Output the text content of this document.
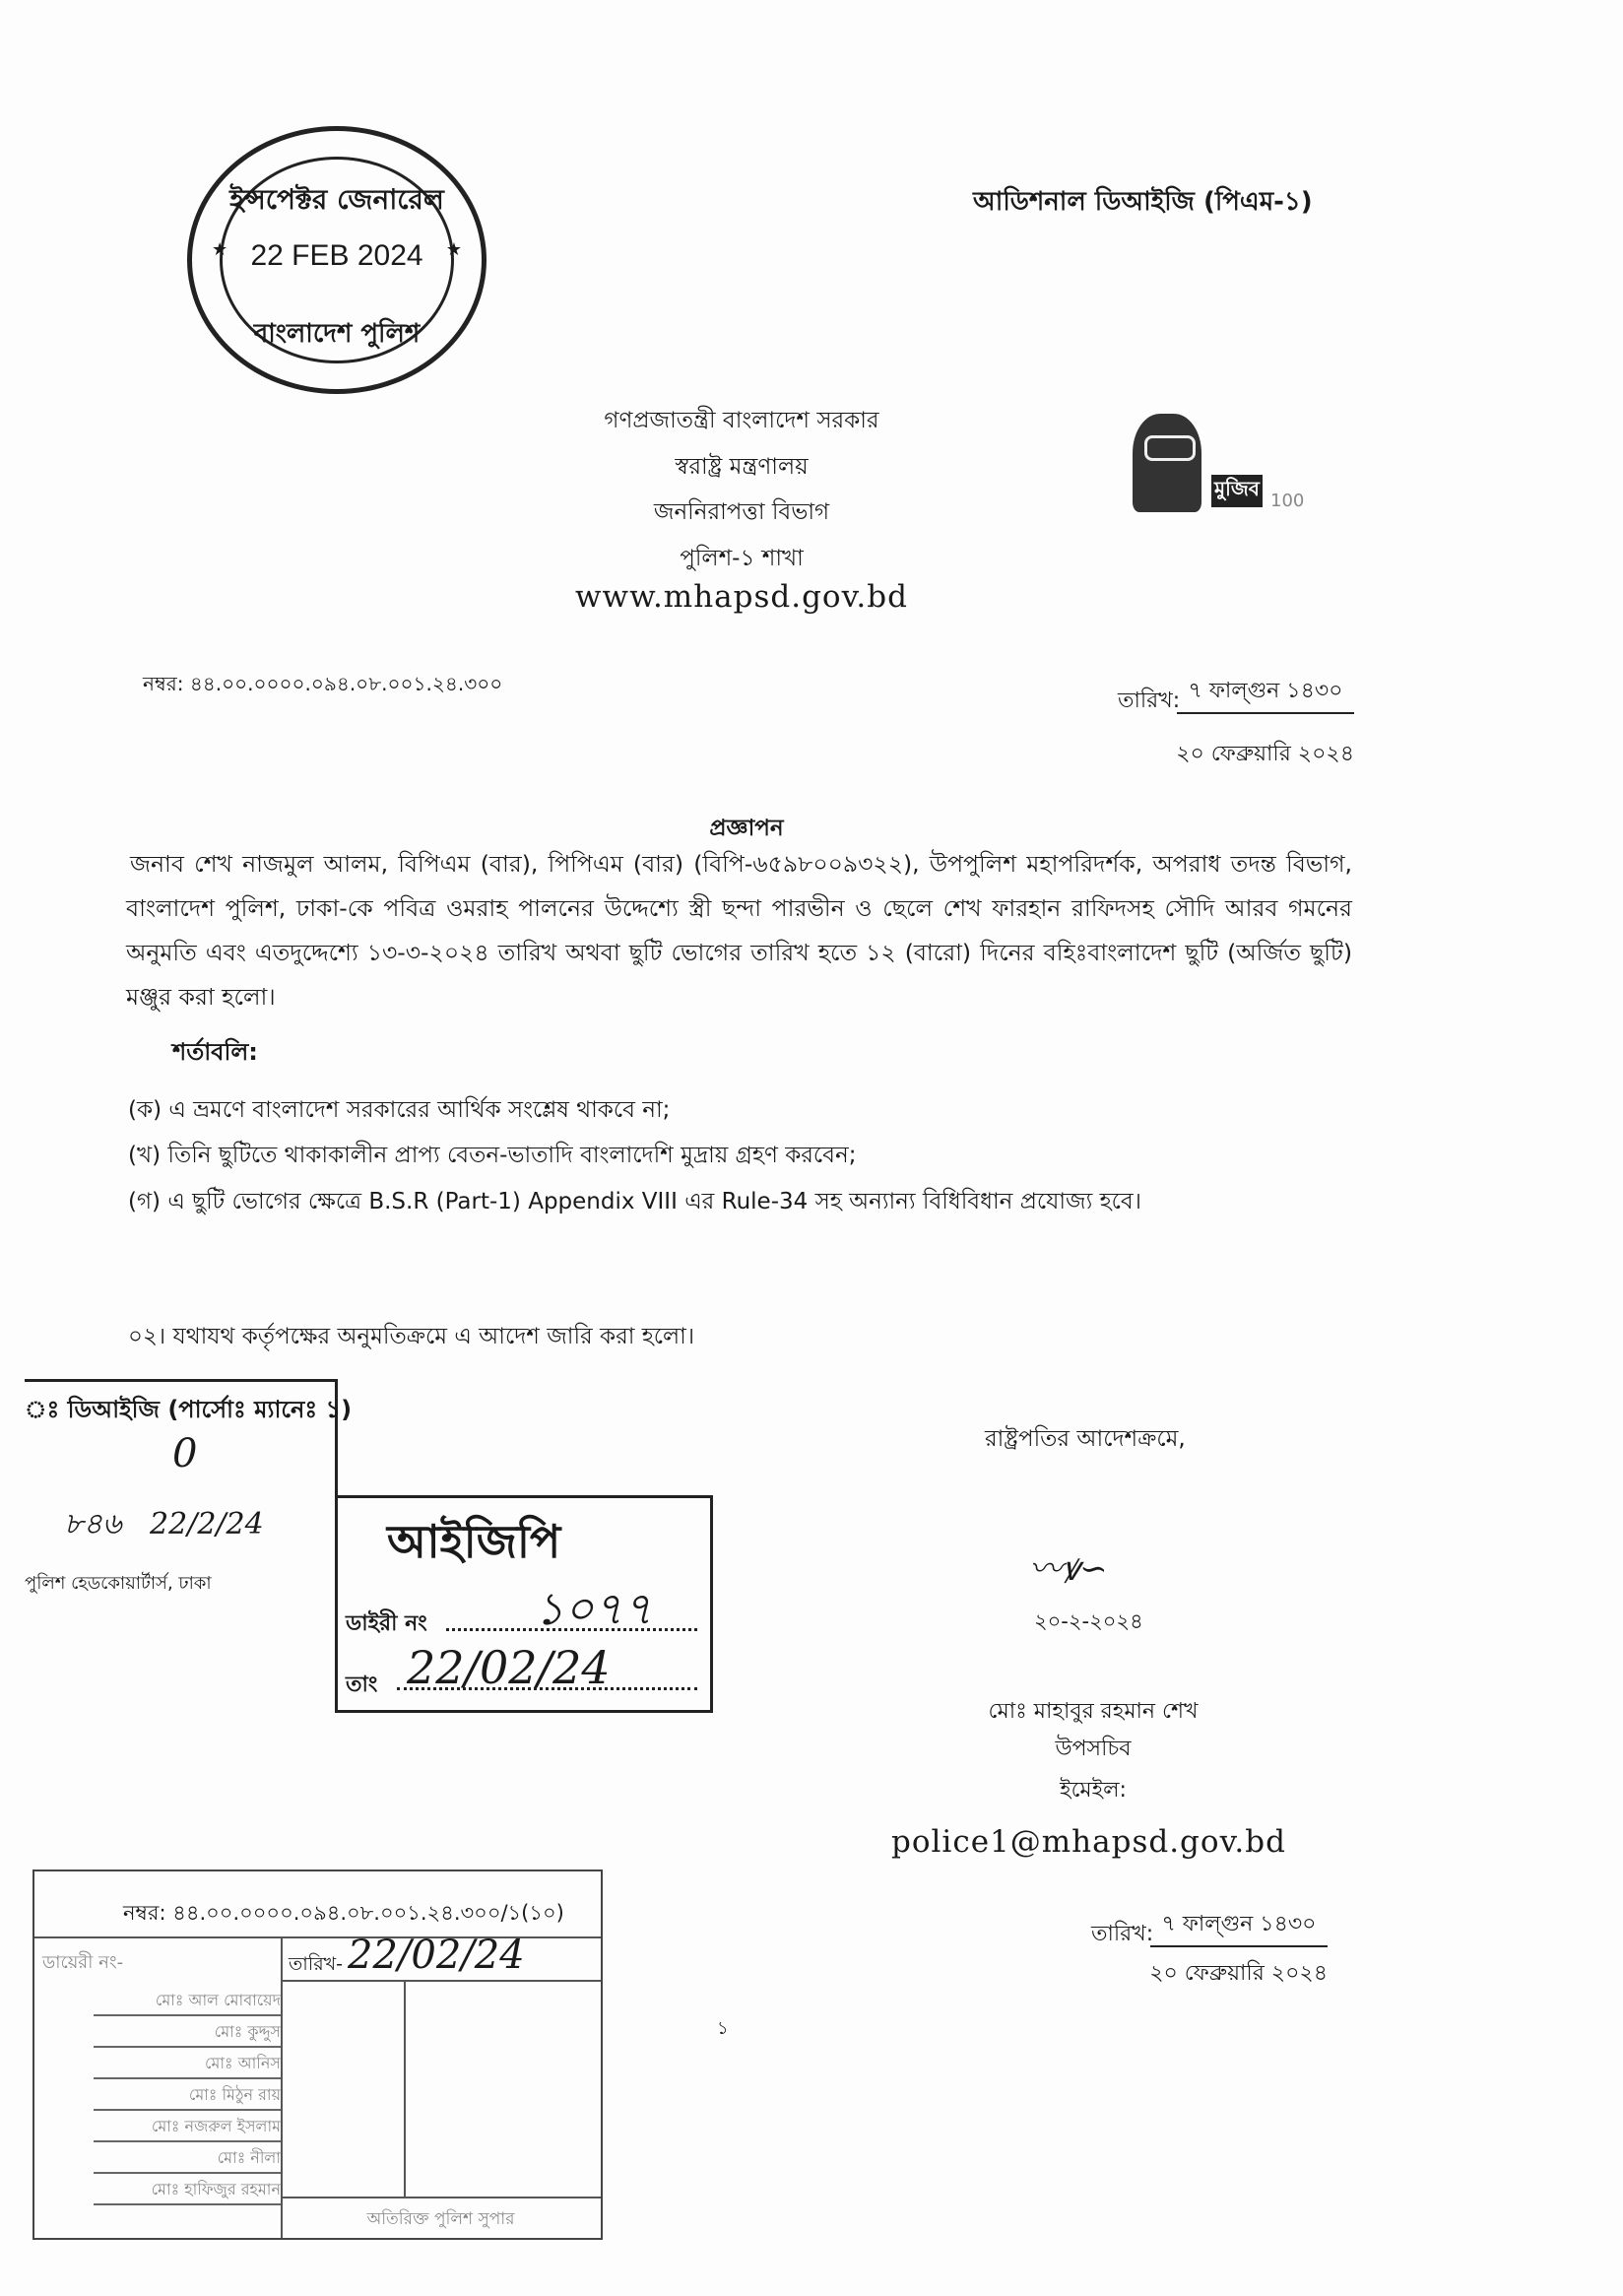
ইন্সপেক্টর জেনারেল
22 FEB 2024
বাংলাদেশ পুলিশ
★	★
আডিশনাল ডিআইজি (পিএম-১)
গণপ্রজাতন্ত্রী বাংলাদেশ সরকার
স্বরাষ্ট্র মন্ত্রণালয়
জননিরাপত্তা বিভাগ
পুলিশ-১ শাখা
www.mhapsd.gov.bd
মুজিব
100
নম্বর: ৪৪.০০.০০০০.০৯৪.০৮.০০১.২৪.৩০০
তারিখ: ৭ ফাল্গুন ১৪৩০
২০ ফেব্রুয়ারি ২০২৪
প্রজ্ঞাপন
জনাব শেখ নাজমুল আলম, বিপিএম (বার), পিপিএম (বার) (বিপি-৬৫৯৮০০৯৩২২), উপপুলিশ মহাপরিদর্শক, অপরাধ তদন্ত বিভাগ, বাংলাদেশ পুলিশ, ঢাকা-কে পবিত্র ওমরাহ পালনের উদ্দেশ্যে স্ত্রী ছন্দা পারভীন ও ছেলে শেখ ফারহান রাফিদসহ সৌদি আরব গমনের অনুমতি এবং এতদুদ্দেশ্যে ১৩-৩-২০২৪ তারিখ অথবা ছুটি ভোগের তারিখ হতে ১২ (বারো) দিনের বহিঃবাংলাদেশ ছুটি (অর্জিত ছুটি) মঞ্জুর করা হলো।
শর্তাবলি:
(ক) এ ভ্রমণে বাংলাদেশ সরকারের আর্থিক সংশ্লেষ থাকবে না;
(খ) তিনি ছুটিতে থাকাকালীন প্রাপ্য বেতন-ভাতাদি বাংলাদেশি মুদ্রায় গ্রহণ করবেন;
(গ) এ ছুটি ভোগের ক্ষেত্রে B.S.R (Part-1) Appendix VIII এর Rule-34 সহ অন্যান্য বিধিবিধান প্রযোজ্য হবে।
০২। যথাযথ কর্তৃপক্ষের অনুমতিক্রমে এ আদেশ জারি করা হলো।
ঃ ডিআইজি (পার্সোঃ ম্যানেঃ ১)
0
৮৪৬   22/2/24
পুলিশ হেডকোয়ার্টার্স, ঢাকা
আইজিপি
ডাইরী নং ১০৭৭
তাং 22/02/24
রাষ্ট্রপতির আদেশক্রমে,
〰ꝟ∽
২০-২-২০২৪
মোঃ মাহাবুর রহমান শেখ
উপসচিব
ইমেইল:
police1@mhapsd.gov.bd
তারিখ: ৭ ফাল্গুন ১৪৩০
২০ ফেব্রুয়ারি ২০২৪
১
নম্বর: ৪৪.০০.০০০০.০৯৪.০৮.০০১.২৪.৩০০/১(১০)
ডায়েরী নং-	তারিখ- 22/02/24
মোঃ আল মোবায়েদ
মোঃ কুদ্দুস
মোঃ আনিস
মোঃ মিঠুন রায়
মোঃ নজরুল ইসলাম
মোঃ নীলা
মোঃ হাফিজুর রহমান
অতিরিক্ত পুলিশ সুপার
